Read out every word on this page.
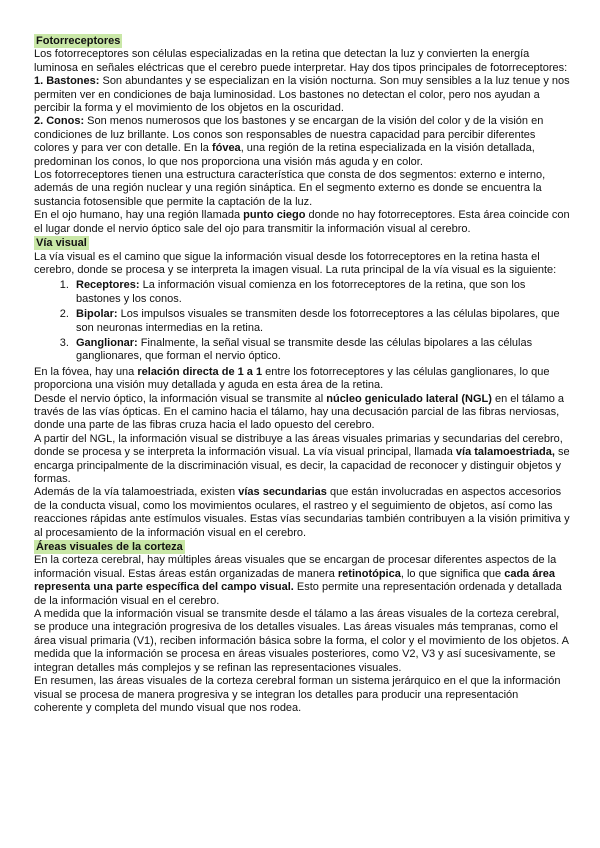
Fotorreceptores

Los fotorreceptores son células especializadas en la retina que detectan la luz y convierten la energía luminosa en señales eléctricas que el cerebro puede interpretar. Hay dos tipos principales de fotorreceptores:

1. Bastones: Son abundantes y se especializan en la visión nocturna. Son muy sensibles a la luz tenue y nos permiten ver en condiciones de baja luminosidad. Los bastones no detectan el color, pero nos ayudan a percibir la forma y el movimiento de los objetos en la oscuridad.

2. Conos: Son menos numerosos que los bastones y se encargan de la visión del color y de la visión en condiciones de luz brillante. Los conos son responsables de nuestra capacidad para percibir diferentes colores y para ver con detalle. En la fóvea, una región de la retina especializada en la visión detallada, predominan los conos, lo que nos proporciona una visión más aguda y en color.

Los fotorreceptores tienen una estructura característica que consta de dos segmentos: externo e interno, además de una región nuclear y una región sináptica. En el segmento externo es donde se encuentra la sustancia fotosensible que permite la captación de la luz.

En el ojo humano, hay una región llamada punto ciego donde no hay fotorreceptores. Esta área coincide con el lugar donde el nervio óptico sale del ojo para transmitir la información visual al cerebro.

Vía visual

La vía visual es el camino que sigue la información visual desde los fotorreceptores en la retina hasta el cerebro, donde se procesa y se interpreta la imagen visual. La ruta principal de la vía visual es la siguiente:

1. Receptores: La información visual comienza en los fotorreceptores de la retina, que son los bastones y los conos.
2. Bipolar: Los impulsos visuales se transmiten desde los fotorreceptores a las células bipolares, que son neuronas intermedias en la retina.
3. Ganglionar: Finalmente, la señal visual se transmite desde las células bipolares a las células ganglionares, que forman el nervio óptico.

En la fóvea, hay una relación directa de 1 a 1 entre los fotorreceptores y las células ganglionares, lo que proporciona una visión muy detallada y aguda en esta área de la retina.

Desde el nervio óptico, la información visual se transmite al núcleo geniculado lateral (NGL) en el tálamo a través de las vías ópticas. En el camino hacia el tálamo, hay una decusación parcial de las fibras nerviosas, donde una parte de las fibras cruza hacia el lado opuesto del cerebro.

A partir del NGL, la información visual se distribuye a las áreas visuales primarias y secundarias del cerebro, donde se procesa y se interpreta la información visual. La vía visual principal, llamada vía talamoestriada, se encarga principalmente de la discriminación visual, es decir, la capacidad de reconocer y distinguir objetos y formas.

Además de la vía talamoestriada, existen vías secundarias que están involucradas en aspectos accesorios de la conducta visual, como los movimientos oculares, el rastreo y el seguimiento de objetos, así como las reacciones rápidas ante estímulos visuales. Estas vías secundarias también contribuyen a la visión primitiva y al procesamiento de la información visual en el cerebro.

Áreas visuales de la corteza

En la corteza cerebral, hay múltiples áreas visuales que se encargan de procesar diferentes aspectos de la información visual. Estas áreas están organizadas de manera retinotópica, lo que significa que cada área representa una parte específica del campo visual. Esto permite una representación ordenada y detallada de la información visual en el cerebro.

A medida que la información visual se transmite desde el tálamo a las áreas visuales de la corteza cerebral, se produce una integración progresiva de los detalles visuales. Las áreas visuales más tempranas, como el área visual primaria (V1), reciben información básica sobre la forma, el color y el movimiento de los objetos. A medida que la información se procesa en áreas visuales posteriores, como V2, V3 y así sucesivamente, se integran detalles más complejos y se refinan las representaciones visuales.

En resumen, las áreas visuales de la corteza cerebral forman un sistema jerárquico en el que la información visual se procesa de manera progresiva y se integran los detalles para producir una representación coherente y completa del mundo visual que nos rodea.
